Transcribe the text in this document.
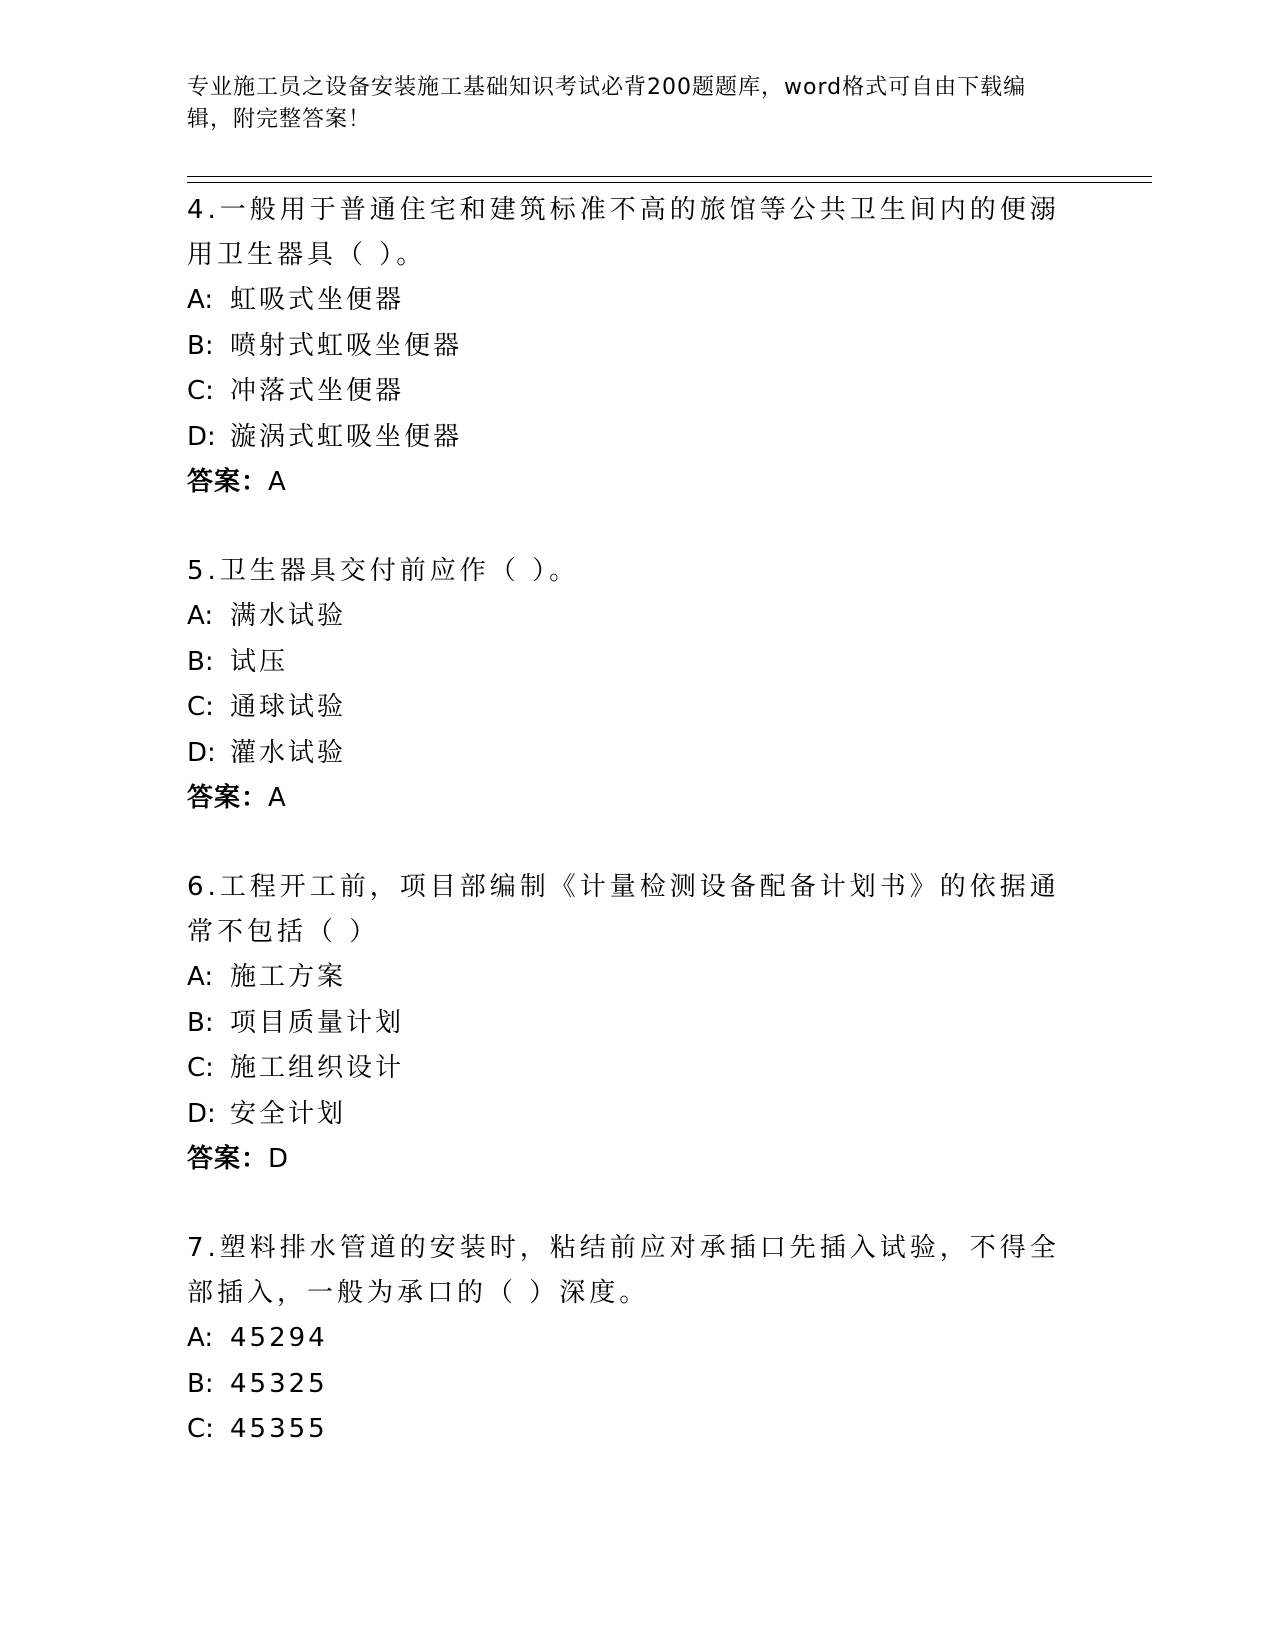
专业施工员之设备安装施工基础知识考试必背200题题库，word格式可自由下载编辑，附完整答案！

4.一般用于普通住宅和建筑标准不高的旅馆等公共卫生间内的便溺用卫生器具（ ）。

A: 虹吸式坐便器

B: 喷射式虹吸坐便器

C: 冲落式坐便器

D: 漩涡式虹吸坐便器

答案：A

5.卫生器具交付前应作（ ）。

A: 满水试验

B: 试压

C: 通球试验

D: 灌水试验

答案：A

6.工程开工前，项目部编制《计量检测设备配备计划书》的依据通常不包括（ ）

A: 施工方案

B: 项目质量计划

C: 施工组织设计

D: 安全计划

答案：D

7.塑料排水管道的安装时，粘结前应对承插口先插入试验，不得全部插入，一般为承口的（ ）深度。

A: 45294

B: 45325

C: 45355
